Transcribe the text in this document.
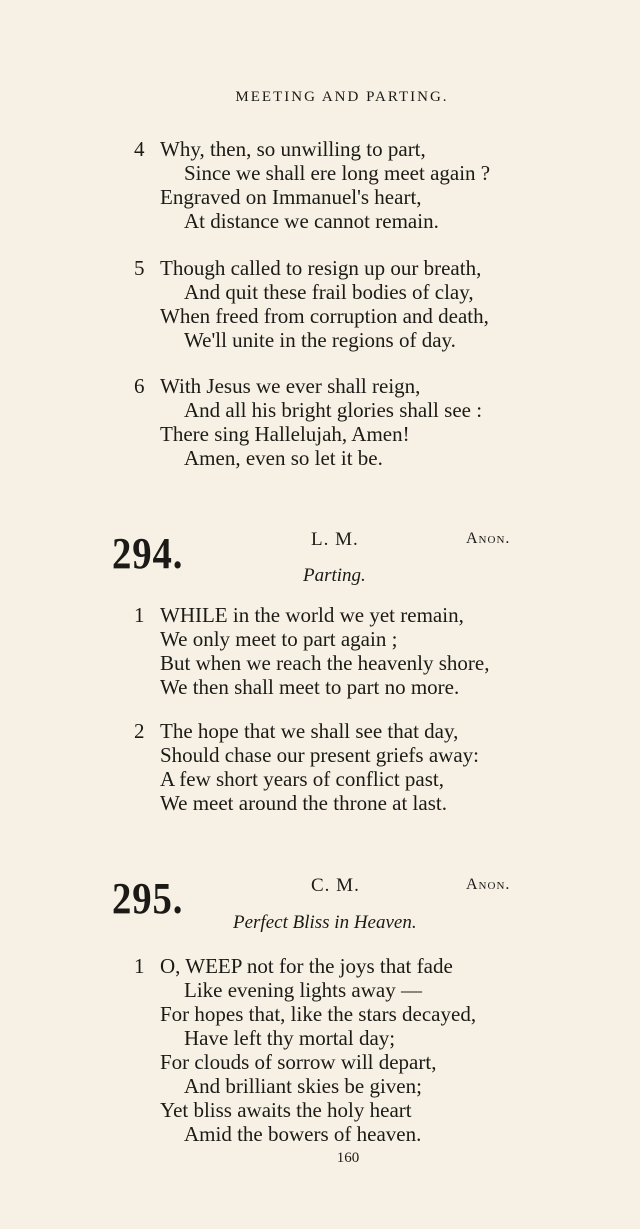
MEETING AND PARTING.
4 Why, then, so unwilling to part,
Since we shall ere long meet again ?
Engraved on Immanuel's heart,
At distance we cannot remain.
5 Though called to resign up our breath,
And quit these frail bodies of clay,
When freed from corruption and death,
We'll unite in the regions of day.
6 With Jesus we ever shall reign,
And all his bright glories shall see :
There sing Hallelujah, Amen!
Amen, even so let it be.
294.	L. M.	Anon.
Parting.
1 WHILE in the world we yet remain,
We only meet to part again ;
But when we reach the heavenly shore,
We then shall meet to part no more.
2 The hope that we shall see that day,
Should chase our present griefs away:
A few short years of conflict past,
We meet around the throne at last.
295.	C. M.	Anon.
Perfect Bliss in Heaven.
1 O, WEEP not for the joys that fade
Like evening lights away —
For hopes that, like the stars decayed,
Have left thy mortal day;
For clouds of sorrow will depart,
And brilliant skies be given;
Yet bliss awaits the holy heart
Amid the bowers of heaven.
160
